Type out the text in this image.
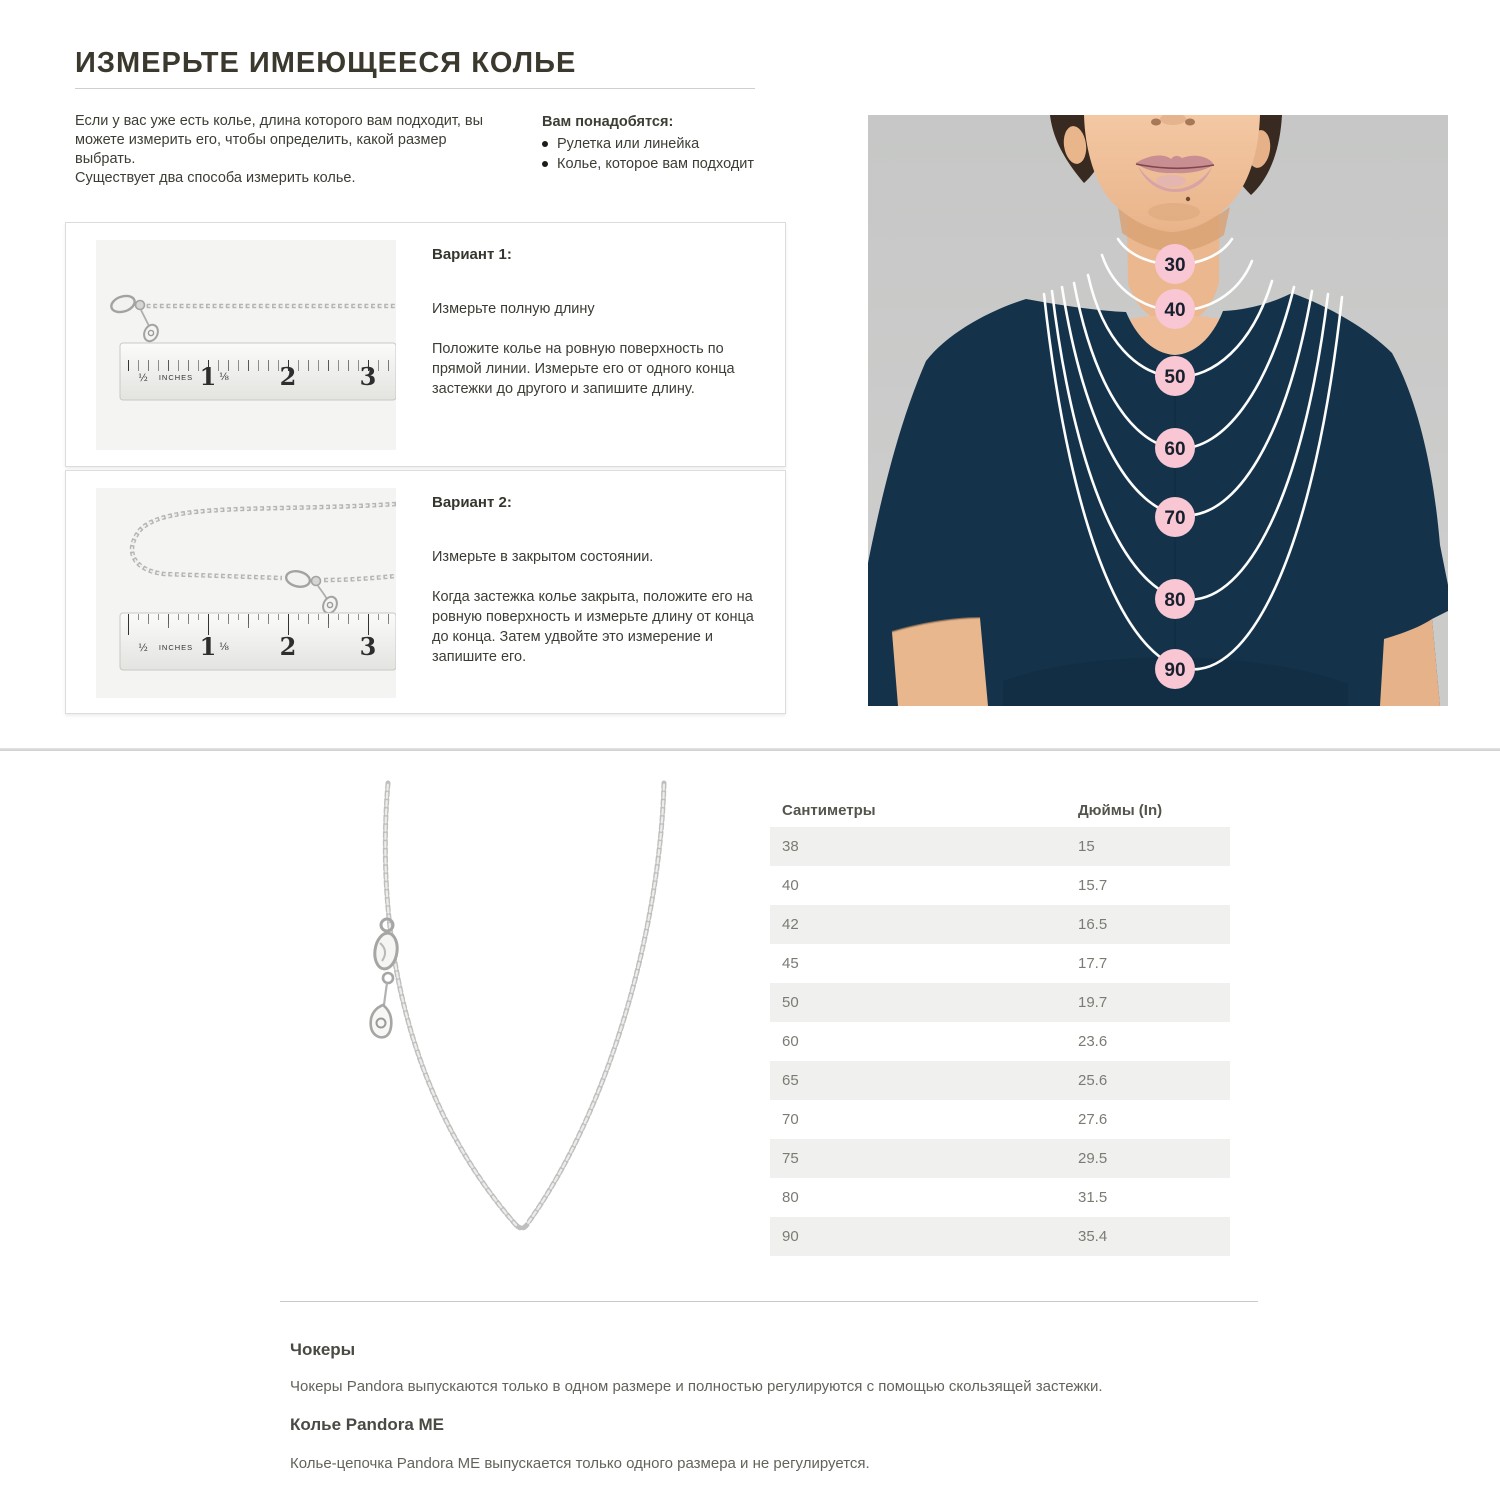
ИЗМЕРЬТЕ ИМЕЮЩЕЕСЯ КОЛЬЕ

Если у вас уже есть колье, длина которого вам подходит, вы можете измерить его, чтобы определить, какой размер выбрать.

Существует два способа измерить колье.

Вам понадобятся:

Рулетка или линейка
Колье, которое вам подходит
½ INCHES 1 ⅛ 2	3

Вариант 1:

Измерьте полную длину

Положите колье на ровную поверхность по прямой линии. Измерьте его от одного конца застежки до другого и запишите длину.

½ INCHES 1 ⅛ 2	3

Вариант 2:

Измерьте в закрытом состоянии.

Когда застежка колье закрыта, положите его на ровную поверхность и измерьте длину от конца до конца. Затем удвойте это измерение и запишите его.

30
40
50
60
70
80
90
Сантиметры	Дюймы (In)
38	15
40	15.7
42	16.5
45	17.7
50	19.7
60	23.6
65	25.6
70	27.6
75	29.5
80	31.5
90	35.4

Чокеры

Чокеры Pandora выпускаются только в одном размере и полностью регулируются с помощью скользящей застежки.

Колье Pandora ME

Колье-цепочка Pandora ME выпускается только одного размера и не регулируется.
